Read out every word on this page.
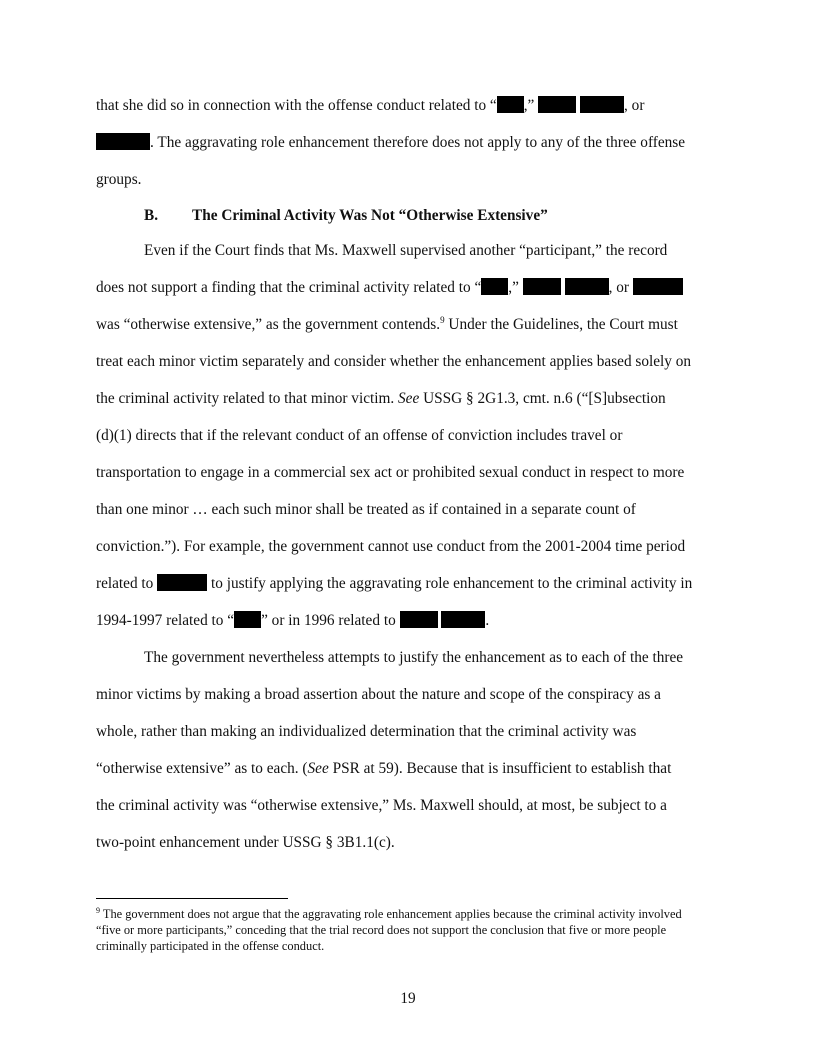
that she did so in connection with the offense conduct related to “ ,”	, or
. The aggravating role enhancement therefore does not apply to any of the three offense
groups.
B. The Criminal Activity Was Not “Otherwise Extensive”
Even if the Court finds that Ms. Maxwell supervised another “participant,” the record
does not support a finding that the criminal activity related to “ ,”	, or
was “otherwise extensive,” as the government contends.$^9$ Under the Guidelines, the Court must
treat each minor victim separately and consider whether the enhancement applies based solely on
the criminal activity related to that minor victim. See USSG § 2G1.3, cmt. n.6 (“[S]ubsection
(d)(1) directs that if the relevant conduct of an offense of conviction includes travel or
transportation to engage in a commercial sex act or prohibited sexual conduct in respect to more
than one minor … each such minor shall be treated as if contained in a separate count of
conviction.”). For example, the government cannot use conduct from the 2001-2004 time period
related to	to justify applying the aggravating role enhancement to the criminal activity in
1994-1997 related to “ ” or in 1996 related to	.
The government nevertheless attempts to justify the enhancement as to each of the three
minor victims by making a broad assertion about the nature and scope of the conspiracy as a
whole, rather than making an individualized determination that the criminal activity was
“otherwise extensive” as to each. (See PSR at 59). Because that is insufficient to establish that
the criminal activity was “otherwise extensive,” Ms. Maxwell should, at most, be subject to a
two-point enhancement under USSG § 3B1.1(c).
$^9$ The government does not argue that the aggravating role enhancement applies because the criminal activity involved “five or more participants,” conceding that the trial record does not support the conclusion that five or more people criminally participated in the offense conduct.
19
